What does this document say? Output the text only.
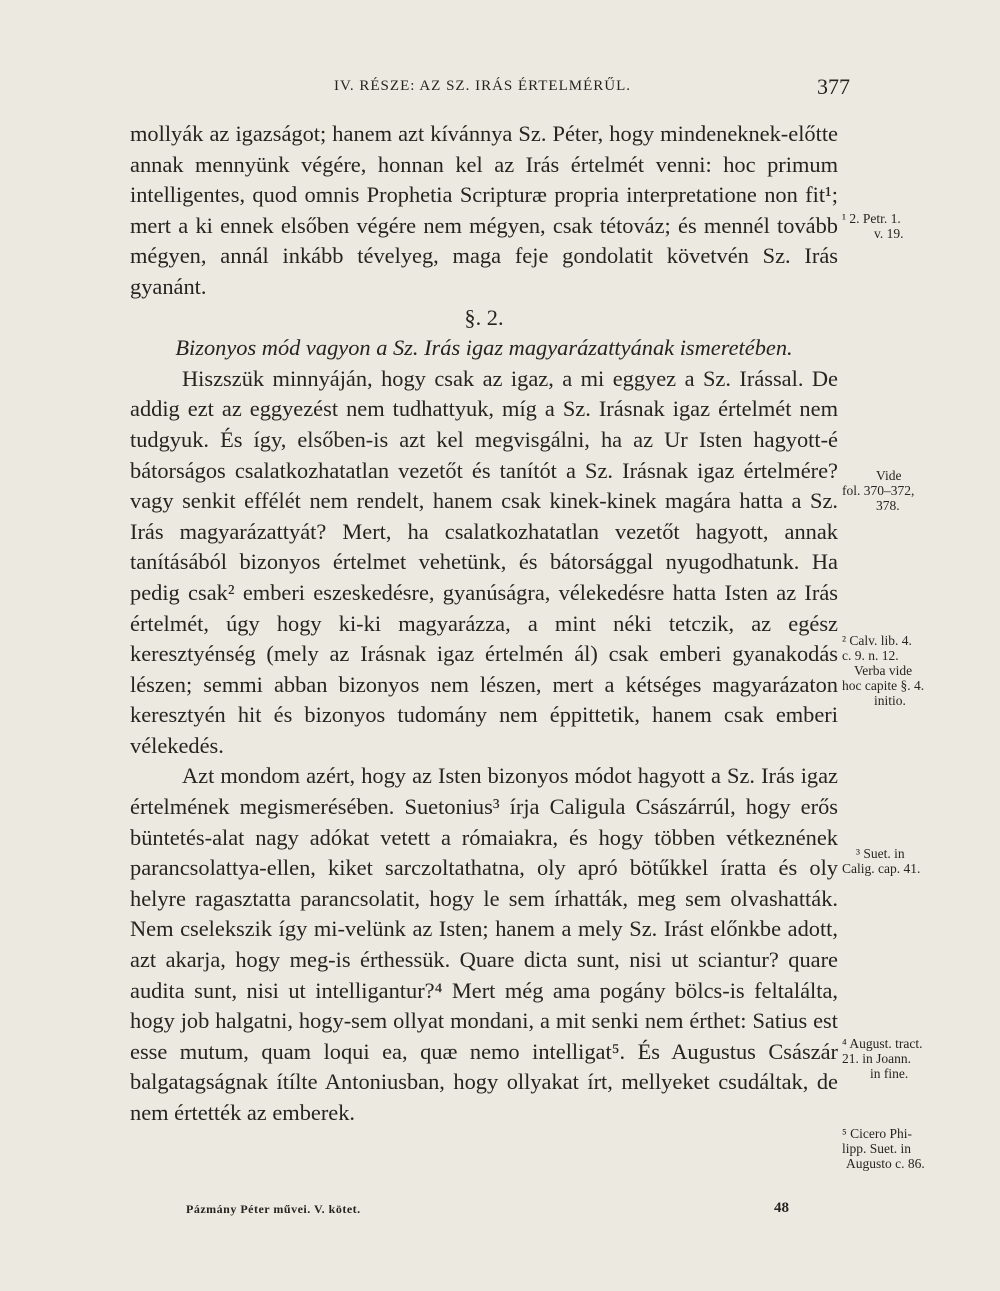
IV. RÉSZE: AZ SZ. IRÁS ÉRTELMÉRŰL.	377

mollyák az igazságot; hanem azt kívánnya Sz. Péter, hogy mindeneknek-előtte annak mennyünk végére, honnan kel az Irás értelmét venni: hoc primum intelligentes, quod omnis Prophetia Scripturæ propria interpretatione non fit¹; mert a ki ennek elsőben végére nem mégyen, csak tétováz; és mennél tovább mégyen, annál inkább tévelyeg, maga feje gondolatit követvén Sz. Irás gyanánt.

§. 2.

Bizonyos mód vagyon a Sz. Irás igaz magyarázattyának ismeretében.

Hiszszük minnyáján, hogy csak az igaz, a mi eggyez a Sz. Irással. De addig ezt az eggyezést nem tudhattyuk, míg a Sz. Irásnak igaz értelmét nem tudgyuk. És így, elsőben-is azt kel megvisgálni, ha az Ur Isten hagyott-é bátorságos csalatkozhatatlan vezetőt és tanítót a Sz. Irásnak igaz értelmére? vagy senkit effélét nem rendelt, hanem csak kinek-kinek magára hatta a Sz. Irás magyarázattyát? Mert, ha csalatkozhatatlan vezetőt hagyott, annak tanításából bizonyos értelmet vehetünk, és bátorsággal nyugodhatunk. Ha pedig csak² emberi eszeskedésre, gyanúságra, vélekedésre hatta Isten az Irás értelmét, úgy hogy ki-ki magyarázza, a mint néki tetczik, az egész keresztyénség (mely az Irásnak igaz értelmén ál) csak emberi gyanakodás lészen; semmi abban bizonyos nem lészen, mert a kétséges magyarázaton keresztyén hit és bizonyos tudomány nem éppittetik, hanem csak emberi vélekedés.

Azt mondom azért, hogy az Isten bizonyos módot hagyott a Sz. Irás igaz értelmének megismerésében. Suetonius³ írja Caligula Császárrúl, hogy erős büntetés-alat nagy adókat vetett a rómaiakra, és hogy többen vétkeznének parancsolattya-ellen, kiket sarczoltathatna, oly apró bötűkkel íratta és oly helyre ragasztatta parancsolatit, hogy le sem írhatták, meg sem olvashatták. Nem cselekszik így mi-velünk az Isten; hanem a mely Sz. Irást előnkbe adott, azt akarja, hogy meg-is érthessük. Quare dicta sunt, nisi ut sciantur? quare audita sunt, nisi ut intelligantur?⁴ Mert még ama pogány bölcs-is feltalálta, hogy job halgatni, hogy-sem ollyat mondani, a mit senki nem érthet: Satius est esse mutum, quam loqui ea, quæ nemo intelligat⁵. És Augustus Császár balgatagságnak ítílte Antoniusban, hogy ollyakat írt, mellyeket csudáltak, de nem értették az emberek.

¹ 2. Petr. 1.
v. 19.
Vide
fol. 370–372,
378.
² Calv. lib. 4.
c. 9. n. 12.
Verba vide
hoc capite §. 4.
initio.
³ Suet. in
Calig. cap. 41.
⁴ August. tract.
21. in Joann.
in fine.
⁵ Cicero Phi-
lipp. Suet. in
Augusto c. 86.
Pázmány Péter művei. V. kötet.	48
